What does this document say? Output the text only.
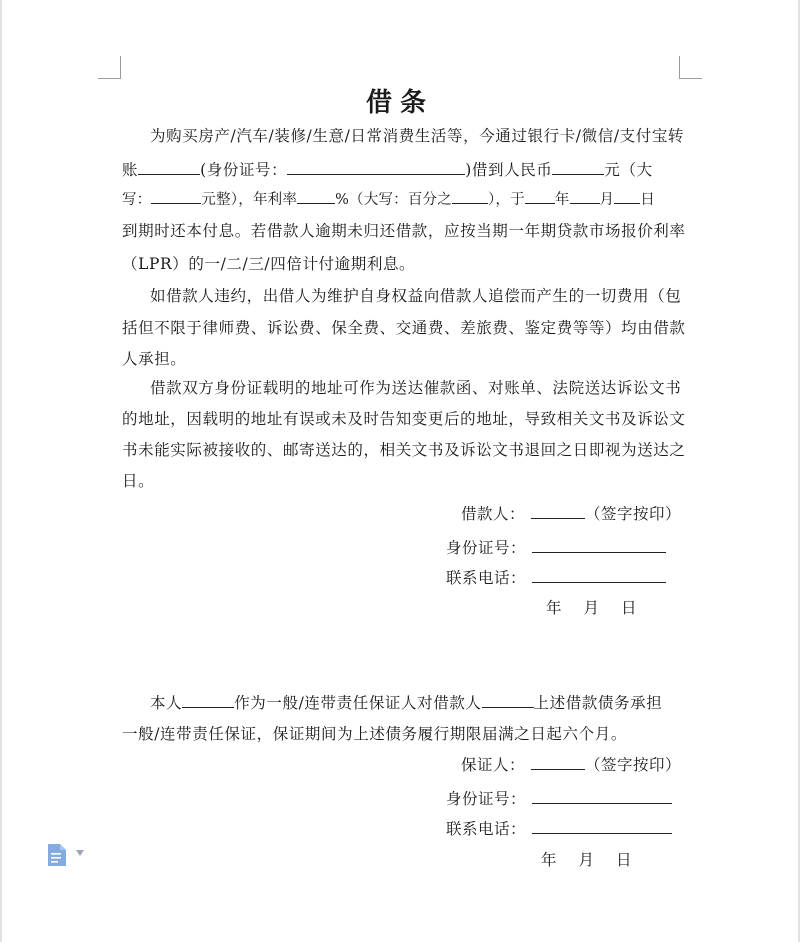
借条
为购买房产/汽车/装修/生意/日常消费生活等，今通过银行卡/微信/支付宝转
账	(身份证号：	)借到人民币	元（大
写：	元整），年利率	%（大写：百分之 ），于 年 月 日
到期时还本付息。若借款人逾期未归还借款，应按当期一年期贷款市场报价利率
（LPR）的一/二/三/四倍计付逾期利息。
如借款人违约，出借人为维护自身权益向借款人追偿而产生的一切费用（包
括但不限于律师费、诉讼费、保全费、交通费、差旅费、鉴定费等等）均由借款
人承担。
借款双方身份证载明的地址可作为送达催款函、对账单、法院送达诉讼文书
的地址，因载明的地址有误或未及时告知变更后的地址，导致相关文书及诉讼文
书未能实际被接收的、邮寄送达的，相关文书及诉讼文书退回之日即视为送达之
日。
借款人：	（签字按印）
身份证号：
联系电话：
年 月 日
本人	作为一般/连带责任保证人对借款人	上述借款债务承担
一般/连带责任保证，保证期间为上述债务履行期限届满之日起六个月。
保证人：	（签字按印）
身份证号：
联系电话：
年 月 日
